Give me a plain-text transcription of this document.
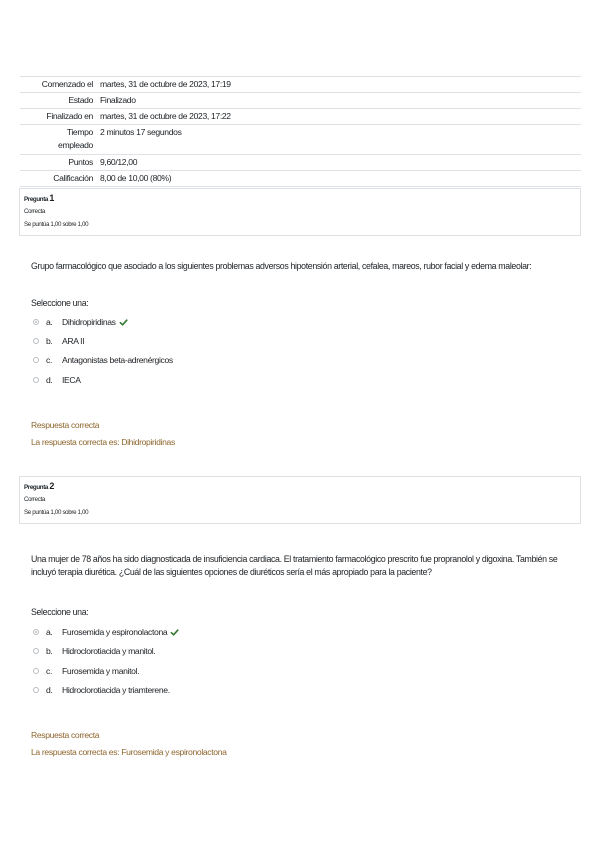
Comenzado el martes, 31 de octubre de 2023, 17:19
Estado Finalizado
Finalizado en martes, 31 de octubre de 2023, 17:22
Tiempo
empleado
2 minutos 17 segundos
Puntos 9,60/12,00
Calificación 8,00 de 10,00 (80%)
Pregunta 1
Correcta
Se puntúa 1,00 sobre 1,00
Grupo farmacológico que asociado a los siguientes problemas adversos hipotensión arterial, cefalea, mareos, rubor facial y edema maleolar:
Seleccione una:
a.	Dihidropiridinas
b.	ARA II
c.	Antagonistas beta-adrenérgicos
d.	IECA
Respuesta correcta
La respuesta correcta es: Dihidropiridinas
Pregunta 2
Correcta
Se puntúa 1,00 sobre 1,00
Una mujer de 78 años ha sido diagnosticada de insuficiencia cardiaca. El tratamiento farmacológico prescrito fue propranolol y digoxina. También se incluyó terapia diurética. ¿Cuál de las siguientes opciones de diuréticos sería el más apropiado para la paciente?
Seleccione una:
a.	Furosemida y espironolactona
b.	Hidroclorotiacida y manitol.
c.	Furosemida y manitol.
d.	Hidroclorotiacida y triamterene.
Respuesta correcta
La respuesta correcta es: Furosemida y espironolactona
